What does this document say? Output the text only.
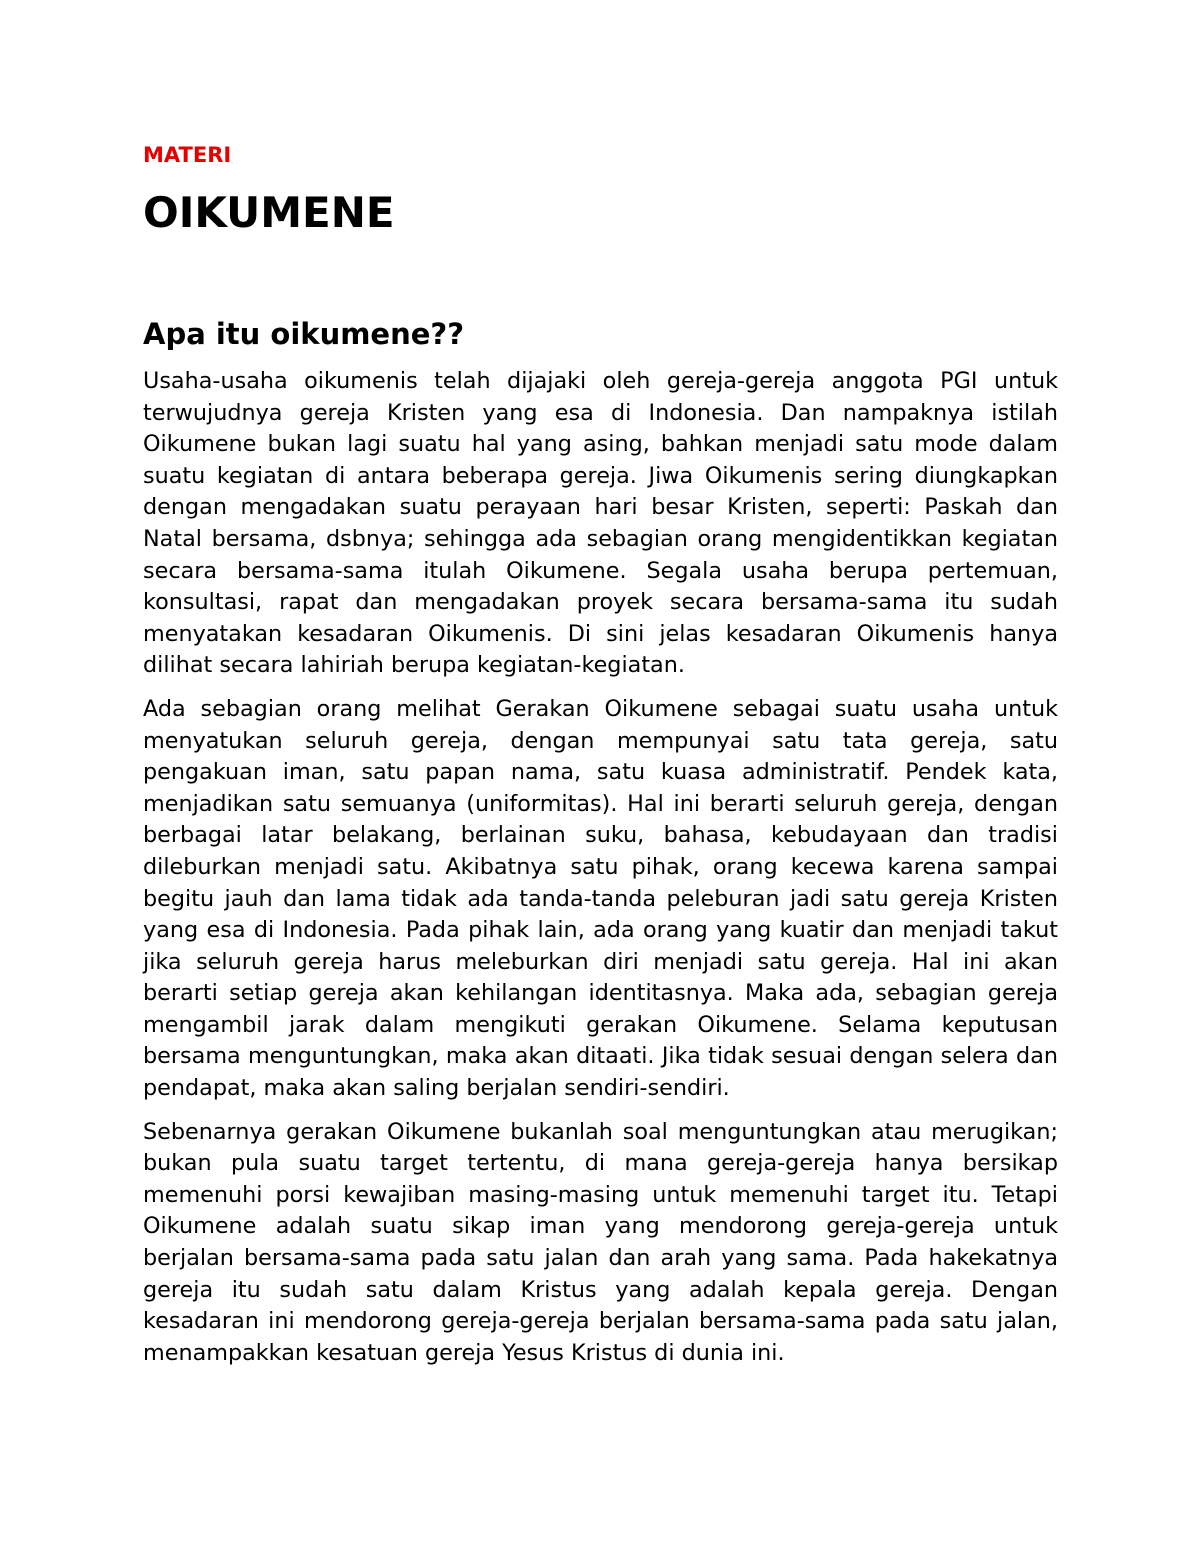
MATERI
OIKUMENE
Apa itu oikumene??

Usaha-usaha oikumenis telah dijajaki oleh gereja-gereja anggota PGI untuk terwujudnya gereja Kristen yang esa di Indonesia. Dan nampaknya istilah Oikumene bukan lagi suatu hal yang asing, bahkan menjadi satu mode dalam suatu kegiatan di antara beberapa gereja. Jiwa Oikumenis sering diungkapkan dengan mengadakan suatu perayaan hari besar Kristen, seperti: Paskah dan Natal bersama, dsbnya; sehingga ada sebagian orang mengidentikkan kegiatan secara bersama-sama itulah Oikumene. Segala usaha berupa pertemuan, konsultasi, rapat dan mengadakan proyek secara bersama-sama itu sudah menyatakan kesadaran Oikumenis. Di sini jelas kesadaran Oikumenis hanya dilihat secara lahiriah berupa kegiatan-kegiatan.

Ada sebagian orang melihat Gerakan Oikumene sebagai suatu usaha untuk menyatukan seluruh gereja, dengan mempunyai satu tata gereja, satu pengakuan iman, satu papan nama, satu kuasa administratif. Pendek kata, menjadikan satu semuanya (uniformitas). Hal ini berarti seluruh gereja, dengan berbagai latar belakang, berlainan suku, bahasa, kebudayaan dan tradisi dileburkan menjadi satu. Akibatnya satu pihak, orang kecewa karena sampai begitu jauh dan lama tidak ada tanda-tanda peleburan jadi satu gereja Kristen yang esa di Indonesia. Pada pihak lain, ada orang yang kuatir dan menjadi takut jika seluruh gereja harus meleburkan diri menjadi satu gereja. Hal ini akan berarti setiap gereja akan kehilangan identitasnya. Maka ada, sebagian gereja mengambil jarak dalam mengikuti gerakan Oikumene. Selama keputusan bersama menguntungkan, maka akan ditaati. Jika tidak sesuai dengan selera dan pendapat, maka akan saling berjalan sendiri-sendiri.

Sebenarnya gerakan Oikumene bukanlah soal menguntungkan atau merugikan; bukan pula suatu target tertentu, di mana gereja-gereja hanya bersikap memenuhi porsi kewajiban masing-masing untuk memenuhi target itu. Tetapi Oikumene adalah suatu sikap iman yang mendorong gereja-gereja untuk berjalan bersama-sama pada satu jalan dan arah yang sama. Pada hakekatnya gereja itu sudah satu dalam Kristus yang adalah kepala gereja. Dengan kesadaran ini mendorong gereja-gereja berjalan bersama-sama pada satu jalan, menampakkan kesatuan gereja Yesus Kristus di dunia ini.
